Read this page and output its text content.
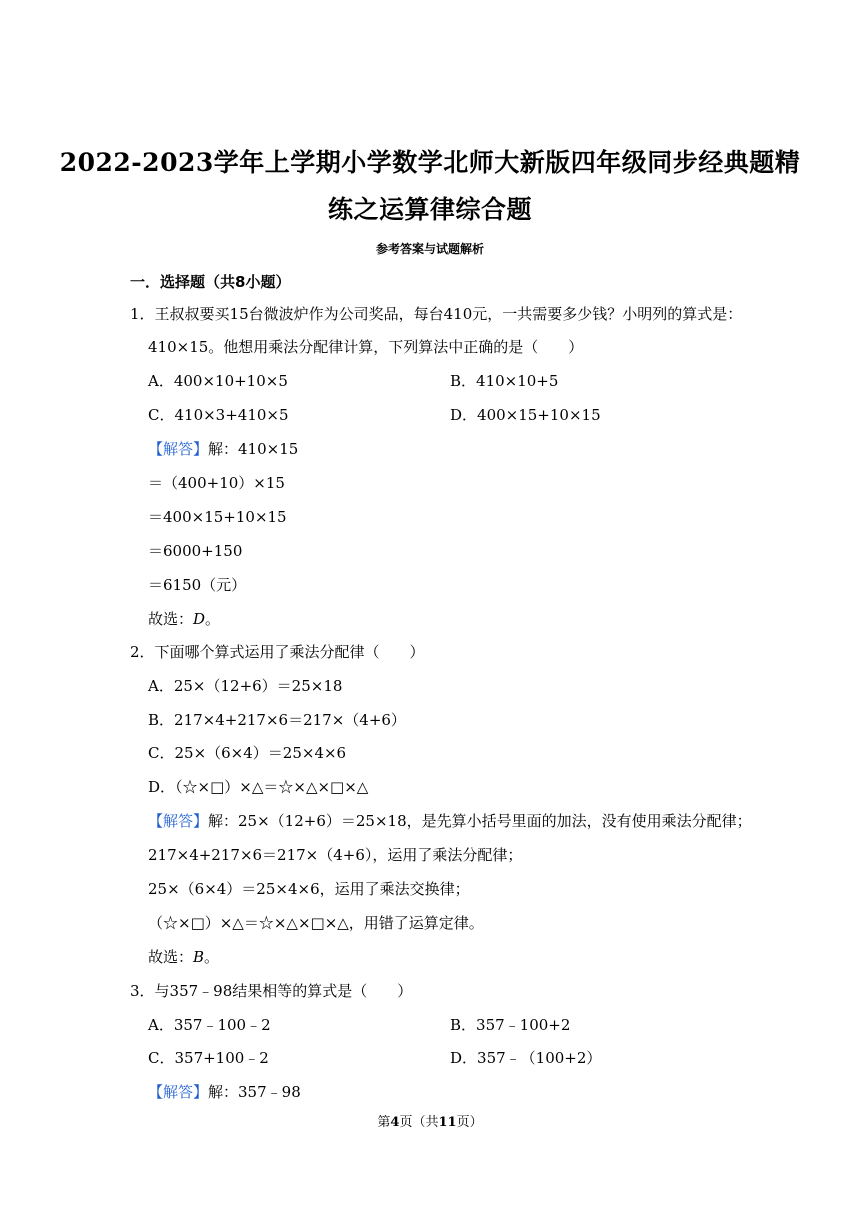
2022-2023学年上学期小学数学北师大新版四年级同步经典题精
练之运算律综合题
参考答案与试题解析
一．选择题（共8小题）
1．王叔叔要买15台微波炉作为公司奖品，每台410元，一共需要多少钱？小明列的算式是：
410×15。他想用乘法分配律计算，下列算法中正确的是（　　）
A．400×10+10×5	B．410×10+5
C．410×3+410×5	D．400×15+10×15
【解答】解：410×15
＝（400+10）×15
＝400×15+10×15
＝6000+150
＝6150（元）
故选：D。
2．下面哪个算式运用了乘法分配律（　　）
A．25×（12+6）＝25×18
B．217×4+217×6＝217×（4+6）
C．25×（6×4）＝25×4×6
D．（☆×□）×△＝☆×△×□×△
【解答】解：25×（12+6）＝25×18，是先算小括号里面的加法，没有使用乘法分配律；
217×4+217×6＝217×（4+6），运用了乘法分配律；
25×（6×4）＝25×4×6，运用了乘法交换律；
（☆×□）×△＝☆×△×□×△，用错了运算定律。
故选：B。
3．与357﹣98结果相等的算式是（　　）
A．357﹣100﹣2	B．357﹣100+2
C．357+100﹣2	D．357﹣（100+2）
【解答】解：357﹣98
第4页（共11页）
